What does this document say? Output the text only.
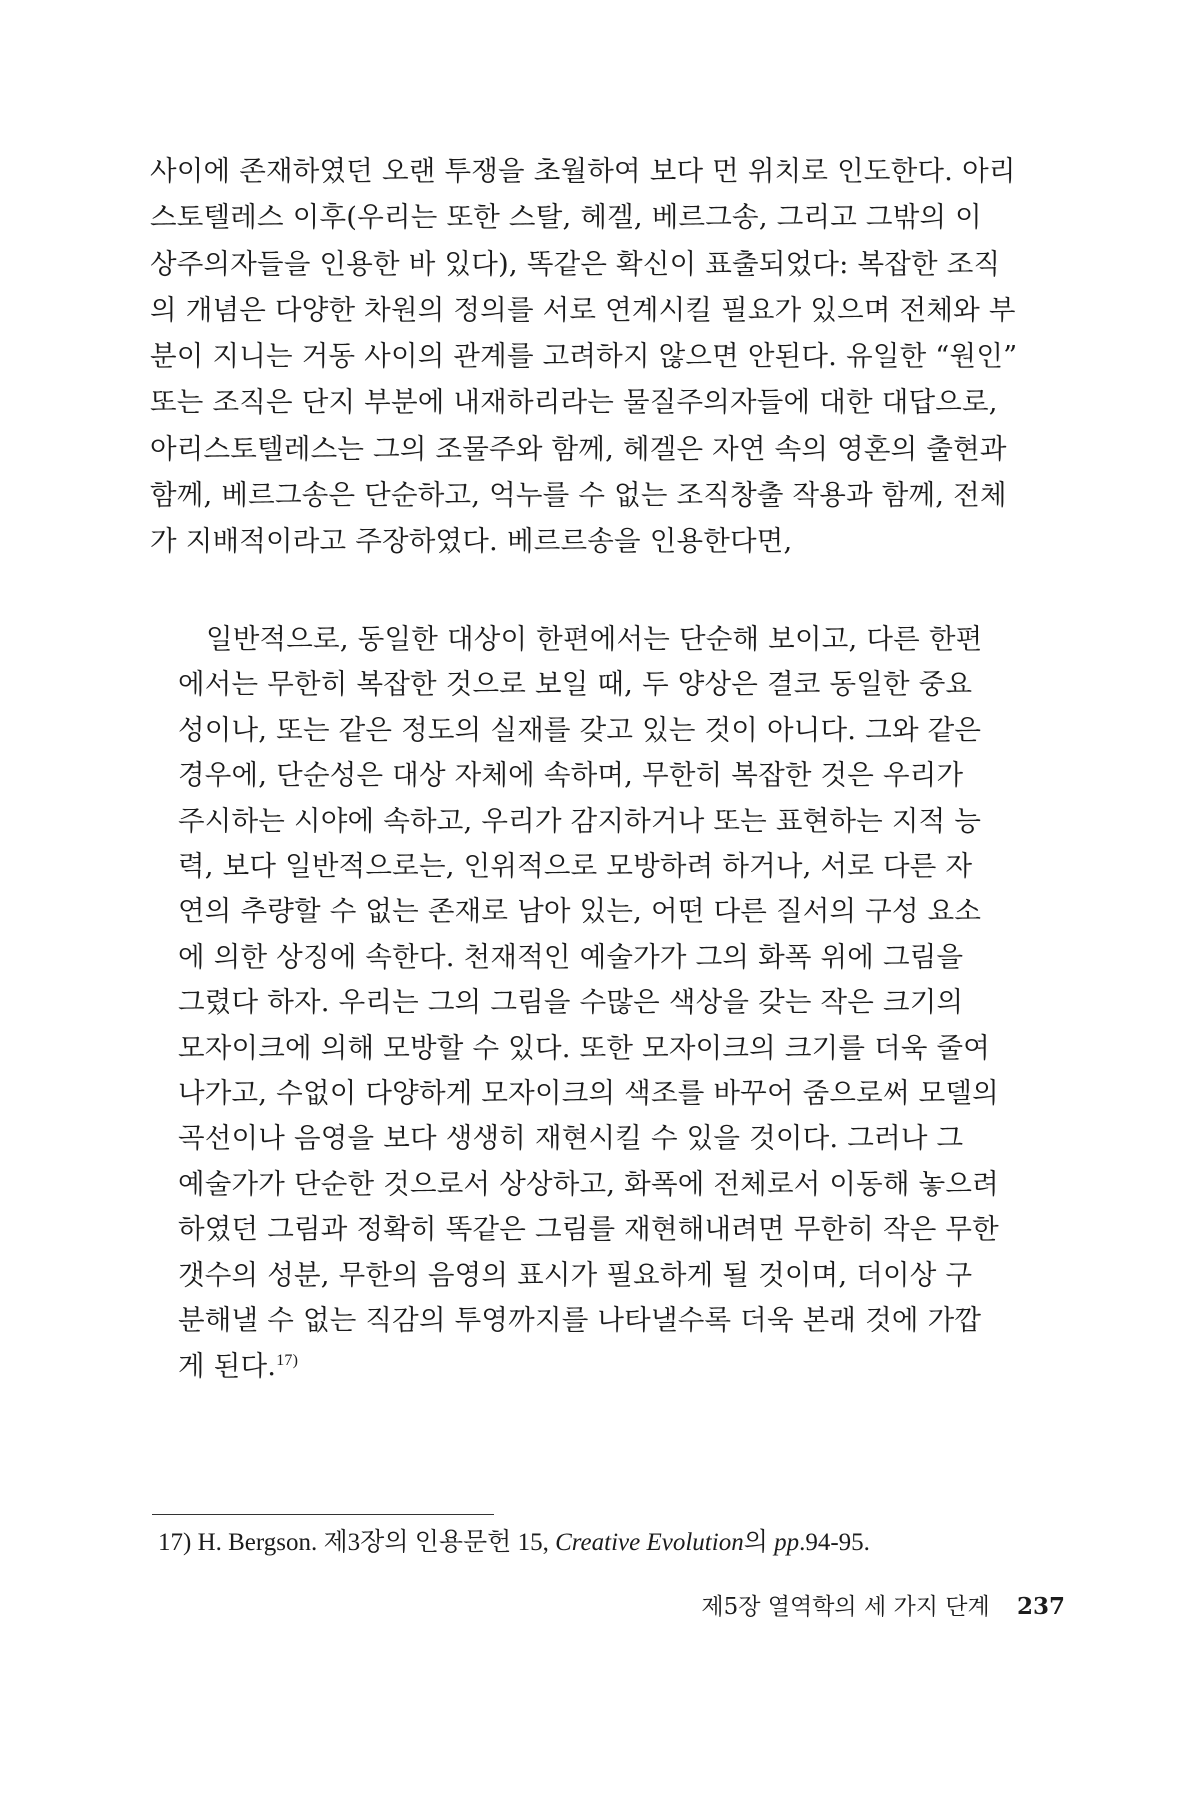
사이에 존재하였던 오랜 투쟁을 초월하여 보다 먼 위치로 인도한다. 아리
스토텔레스 이후(우리는 또한 스탈, 헤겔, 베르그송, 그리고 그밖의 이
상주의자들을 인용한 바 있다), 똑같은 확신이 표출되었다: 복잡한 조직
의 개념은 다양한 차원의 정의를 서로 연계시킬 필요가 있으며 전체와 부
분이 지니는 거동 사이의 관계를 고려하지 않으면 안된다. 유일한 “원인”
또는 조직은 단지 부분에 내재하리라는 물질주의자들에 대한 대답으로,
아리스토텔레스는 그의 조물주와 함께, 헤겔은 자연 속의 영혼의 출현과
함께, 베르그송은 단순하고, 억누를 수 없는 조직창출 작용과 함께, 전체
가 지배적이라고 주장하였다. 베르르송을 인용한다면,

일반적으로, 동일한 대상이 한편에서는 단순해 보이고, 다른 한편
에서는 무한히 복잡한 것으로 보일 때, 두 양상은 결코 동일한 중요
성이나, 또는 같은 정도의 실재를 갖고 있는 것이 아니다. 그와 같은
경우에, 단순성은 대상 자체에 속하며, 무한히 복잡한 것은 우리가
주시하는 시야에 속하고, 우리가 감지하거나 또는 표현하는 지적 능
력, 보다 일반적으로는, 인위적으로 모방하려 하거나, 서로 다른 자
연의 추량할 수 없는 존재로 남아 있는, 어떤 다른 질서의 구성 요소
에 의한 상징에 속한다. 천재적인 예술가가 그의 화폭 위에 그림을
그렸다 하자. 우리는 그의 그림을 수많은 색상을 갖는 작은 크기의
모자이크에 의해 모방할 수 있다. 또한 모자이크의 크기를 더욱 줄여
나가고, 수없이 다양하게 모자이크의 색조를 바꾸어 줌으로써 모델의
곡선이나 음영을 보다 생생히 재현시킬 수 있을 것이다. 그러나 그
예술가가 단순한 것으로서 상상하고, 화폭에 전체로서 이동해 놓으려
하였던 그림과 정확히 똑같은 그림를 재현해내려면 무한히 작은 무한
갯수의 성분, 무한의 음영의 표시가 필요하게 될 것이며, 더이상 구
분해낼 수 없는 직감의 투영까지를 나타낼수록 더욱 본래 것에 가깝
게 된다.$^{17)}$

17) H. Bergson. 제3장의 인용문헌 15, Creative Evolution의 pp.94-95.

제5장 열역학의 세 가지 단계 237
